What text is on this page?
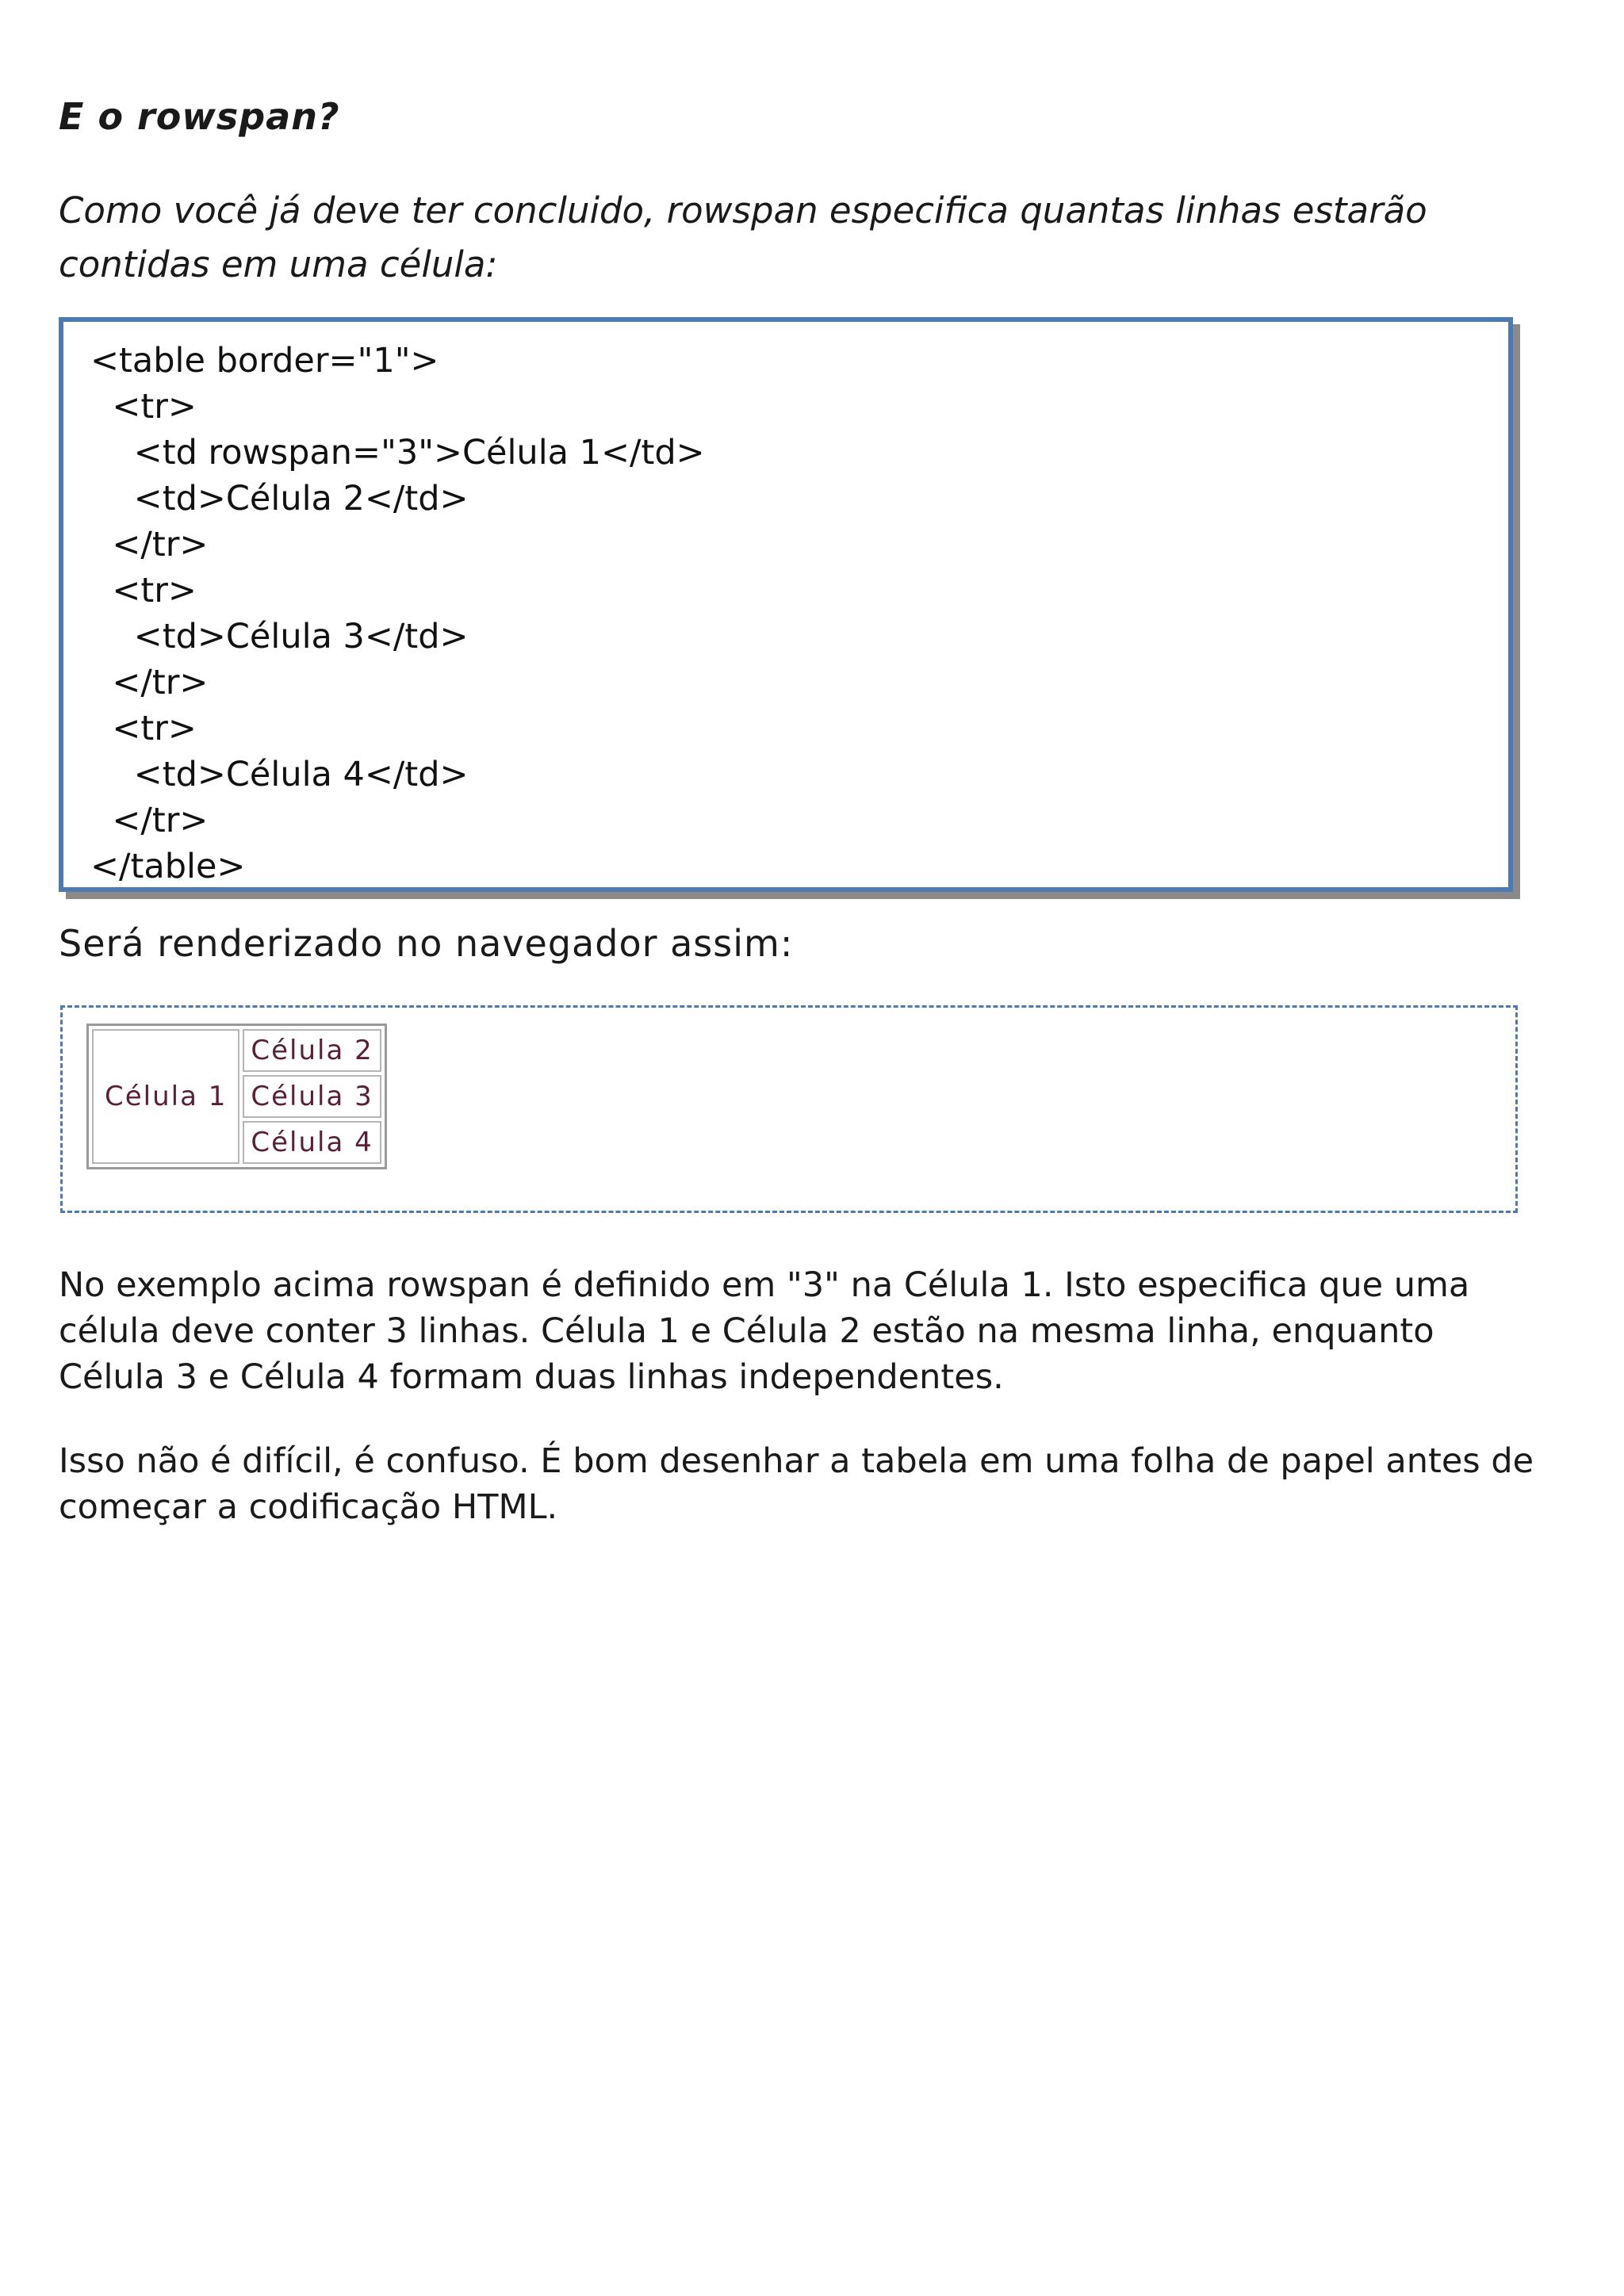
E o rowspan?

Como você já deve ter concluido, rowspan especifica quantas linhas estarão contidas em uma célula:

<table border="1">
<tr>
<td rowspan="3">Célula 1</td>
<td>Célula 2</td>
</tr>
<tr>
<td>Célula 3</td>
</tr>
<tr>
<td>Célula 4</td>
</tr>
</table>

Será renderizado no navegador assim:

Célula 1	Célula 2
Célula 3
Célula 4

No exemplo acima rowspan é definido em "3" na Célula 1. Isto especifica que uma célula deve conter 3 linhas. Célula 1 e Célula 2 estão na mesma linha, enquanto Célula 3 e Célula 4 formam duas linhas independentes.

Isso não é difícil, é confuso. É bom desenhar a tabela em uma folha de papel antes de começar a codificação HTML.
